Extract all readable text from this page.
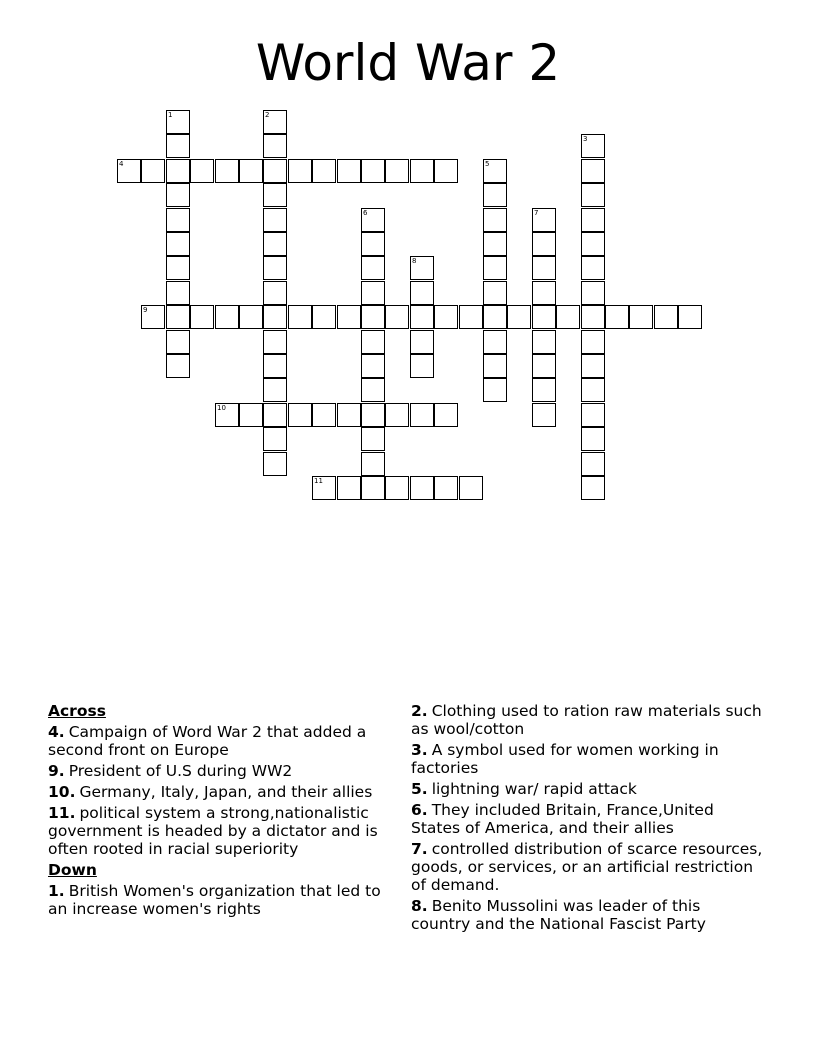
World War 2
1	2
3
4	5
6	7
8
9
10
11
Across
4. Campaign of Word War 2 that added a second front on Europe
9. President of U.S during WW2
10. Germany, Italy, Japan, and their allies
11. political system a strong,nationalistic government is headed by a dictator and is often rooted in racial superiority
Down
1. British Women's organization that led to an increase women's rights
2. Clothing used to ration raw materials such as wool/cotton
3. A symbol used for women working in factories
5. lightning war/ rapid attack
6. They included Britain, France,United States of America, and their allies
7. controlled distribution of scarce resources, goods, or services, or an artificial restriction of demand.
8. Benito Mussolini was leader of this country and the National Fascist Party
